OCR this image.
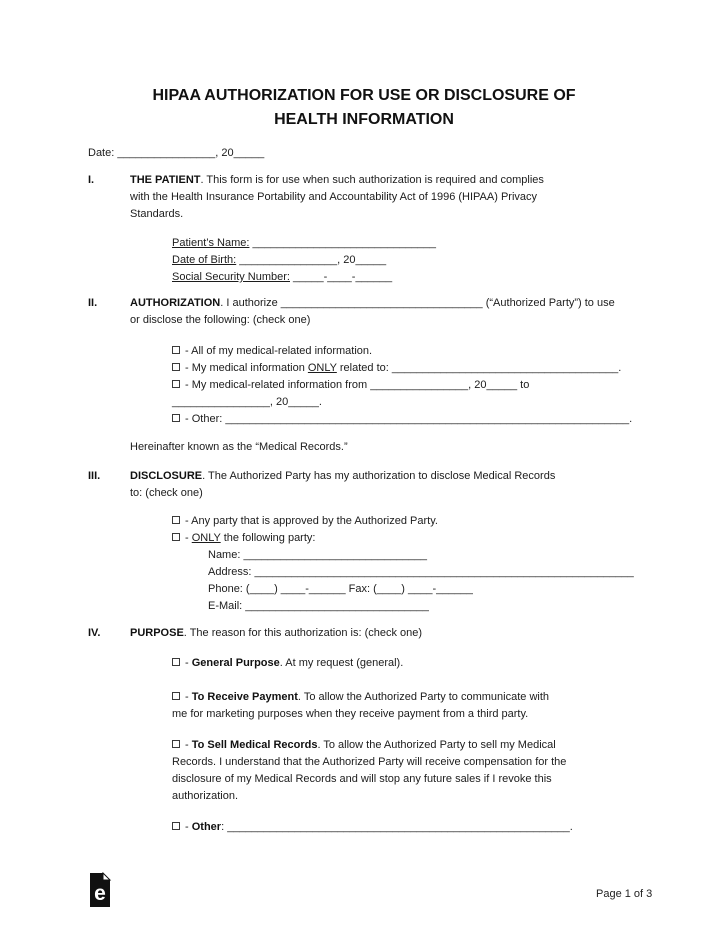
HIPAA AUTHORIZATION FOR USE OR DISCLOSURE OF
HEALTH INFORMATION
Date: ________________, 20_____
I.	THE PATIENT. This form is for use when such authorization is required and complies
with the Health Insurance Portability and Accountability Act of 1996 (HIPAA) Privacy
Standards.
Patient’s Name: ______________________________
Date of Birth: ________________, 20_____
Social Security Number: _____-____-______
II.	AUTHORIZATION. I authorize _________________________________ (“Authorized Party”) to use
or disclose the following: (check one)
- All of my medical-related information.
- My medical information ONLY related to: _____________________________________.
- My medical-related information from ________________, 20_____ to
________________, 20_____.
- Other: __________________________________________________________________.
Hereinafter known as the “Medical Records.”
III.	DISCLOSURE. The Authorized Party has my authorization to disclose Medical Records
to: (check one)
- Any party that is approved by the Authorized Party.
- ONLY the following party:
Name: ______________________________
Address: ______________________________________________________________
Phone: (____) ____-______ Fax: (____) ____-______
E-Mail: ______________________________
IV.	PURPOSE. The reason for this authorization is: (check one)
- General Purpose. At my request (general).
- To Receive Payment. To allow the Authorized Party to communicate with
me for marketing purposes when they receive payment from a third party.
- To Sell Medical Records. To allow the Authorized Party to sell my Medical
Records. I understand that the Authorized Party will receive compensation for the
disclosure of my Medical Records and will stop any future sales if I revoke this
authorization.
- Other: ________________________________________________________.
e	Page 1 of 3
